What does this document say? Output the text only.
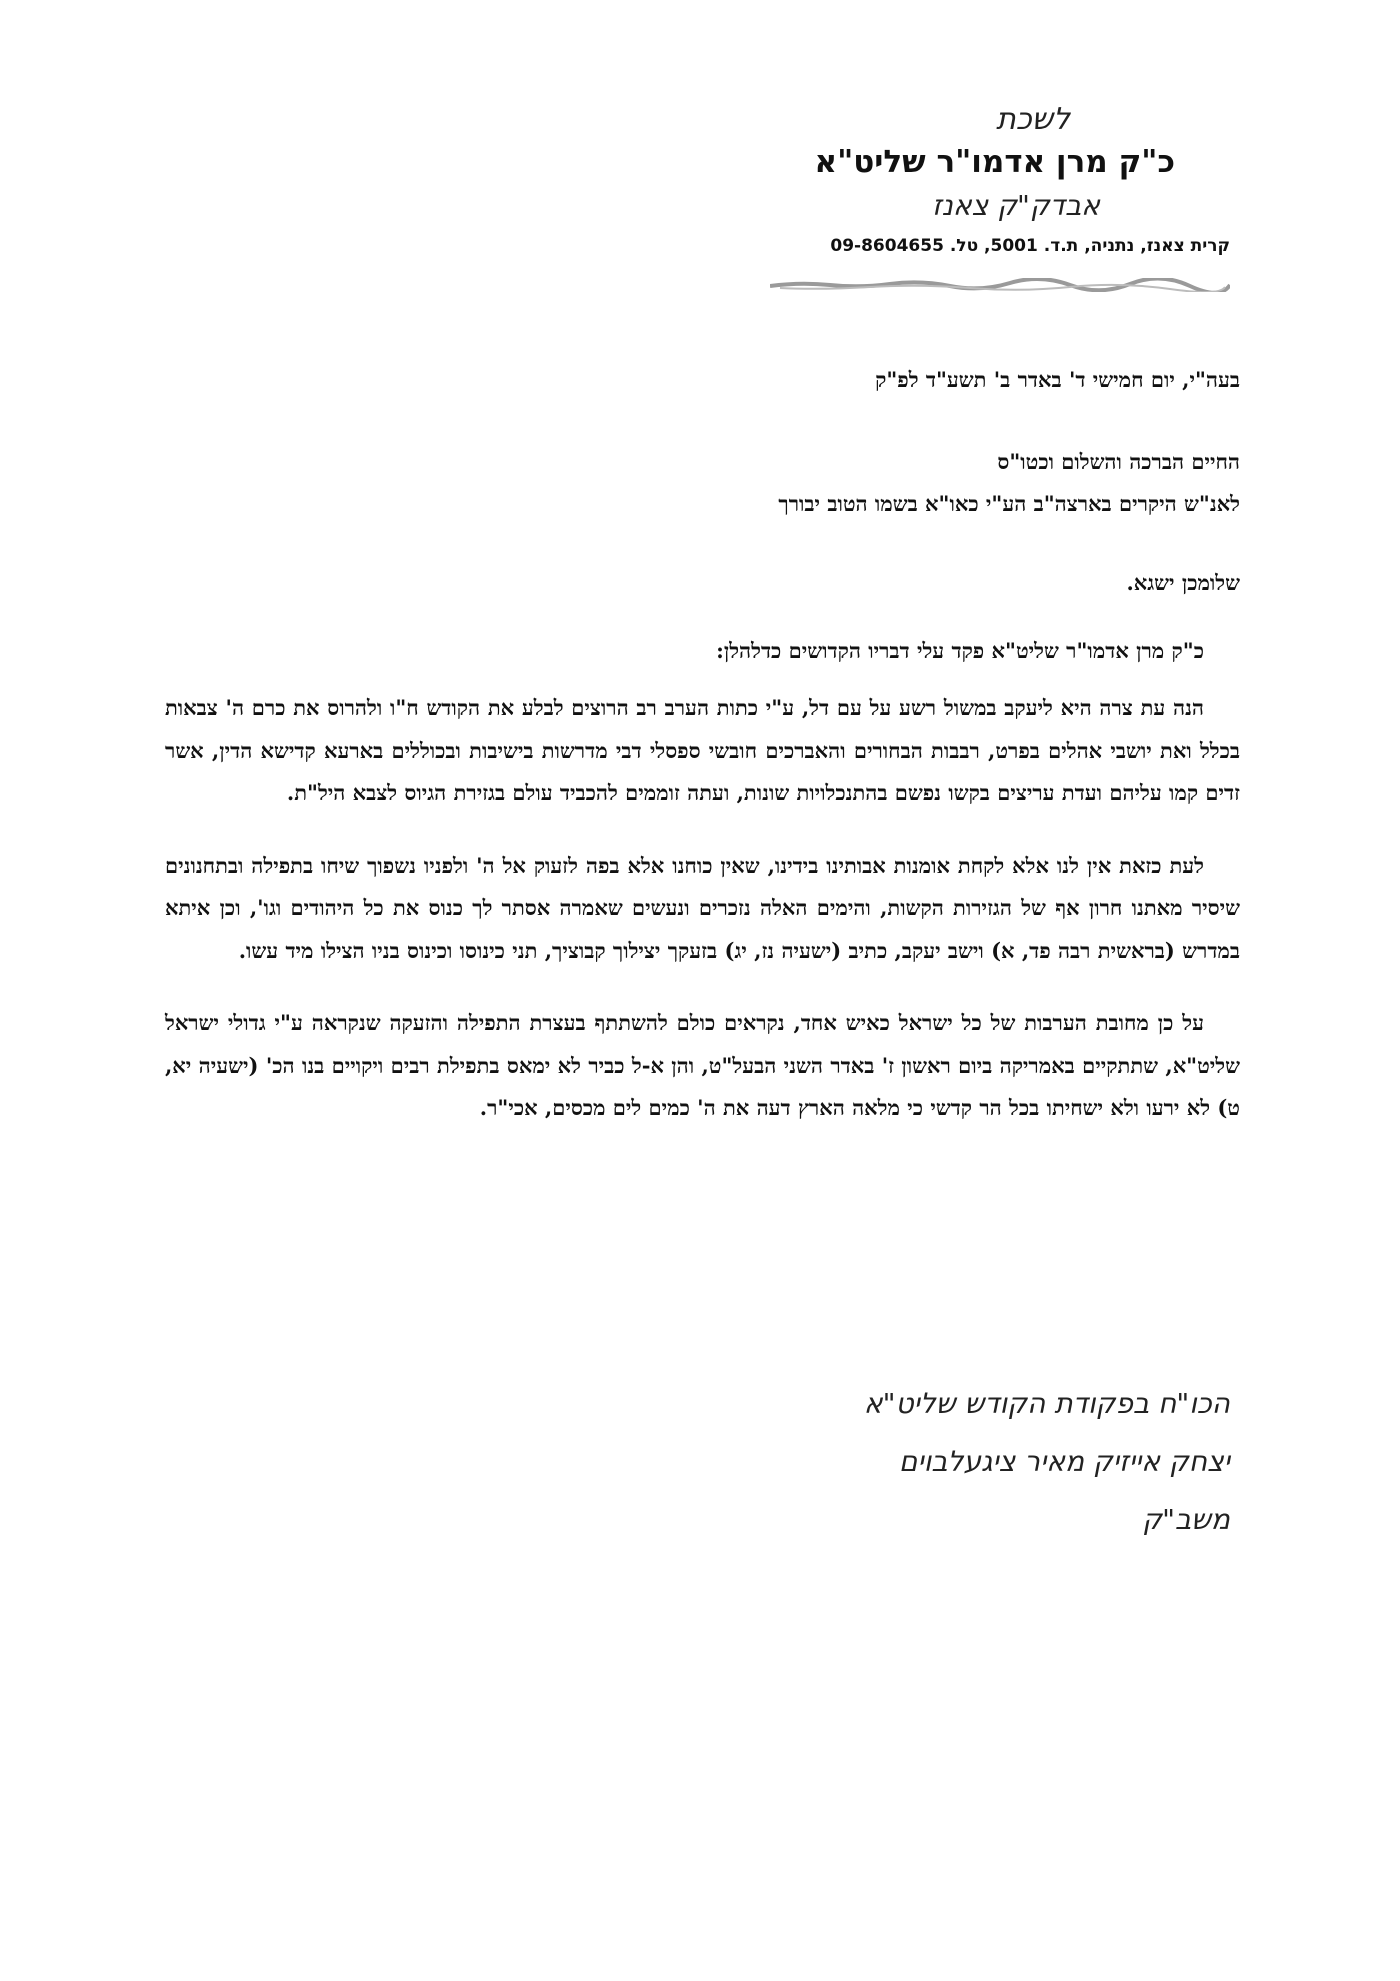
לשכת
כ"ק מרן אדמו"ר שליט"א
אבדק"ק צאנז
קרית צאנז, נתניה, ת.ד. 5001, טל. 09-8604655
בעה"י, יום חמישי ד' באדר ב' תשע"ד לפ"ק
החיים הברכה והשלום וכטו"ס
לאנ"ש היקרים בארצה"ב הע"י כאו"א בשמו הטוב יבורך
שלומכן ישגא.
כ"ק מרן אדמו"ר שליט"א פקד עלי דבריו הקדושים כדלהלן:
הנה עת צרה היא ליעקב במשול רשע על עם דל, ע"י כתות הערב רב הרוצים לבלע את הקודש ח"ו ולהרוס את כרם ה' צבאות בכלל ואת יושבי אהלים בפרט, רבבות הבחורים והאברכים חובשי ספסלי דבי מדרשות בישיבות ובכוללים בארעא קדישא הדין, אשר זדים קמו עליהם ועדת עריצים בקשו נפשם בהתנכלויות שונות, ועתה זוממים להכביד עולם בגזירת הגיוס לצבא היל"ת.
לעת כזאת אין לנו אלא לקחת אומנות אבותינו בידינו, שאין כוחנו אלא בפה לזעוק אל ה' ולפניו נשפוך שיחו בתפילה ובתחנונים שיסיר מאתנו חרון אף של הגזירות הקשות, והימים האלה נזכרים ונעשים שאמרה אסתר לך כנוס את כל היהודים וגו', וכן איתא במדרש (בראשית רבה פד, א) וישב יעקב, כתיב (ישעיה נז, יג) בזעקך יצילוך קבוציך, תני כינוסו וכינוס בניו הצילו מיד עשו.
על כן מחובת הערבות של כל ישראל כאיש אחד, נקראים כולם להשתתף בעצרת התפילה והזעקה שנקראה ע"י גדולי ישראל שליט"א, שתתקיים באמריקה ביום ראשון ז' באדר השני הבעל"ט, והן א-ל כביר לא ימאס בתפילת רבים ויקויים בנו הכ' (ישעיה יא, ט) לא ירעו ולא ישחיתו בכל הר קדשי כי מלאה הארץ דעה את ה' כמים לים מכסים, אכי"ר.
הכו"ח בפקודת הקודש שליט"א
יצחק אייזיק מאיר ציגעלבוים
משב"ק
